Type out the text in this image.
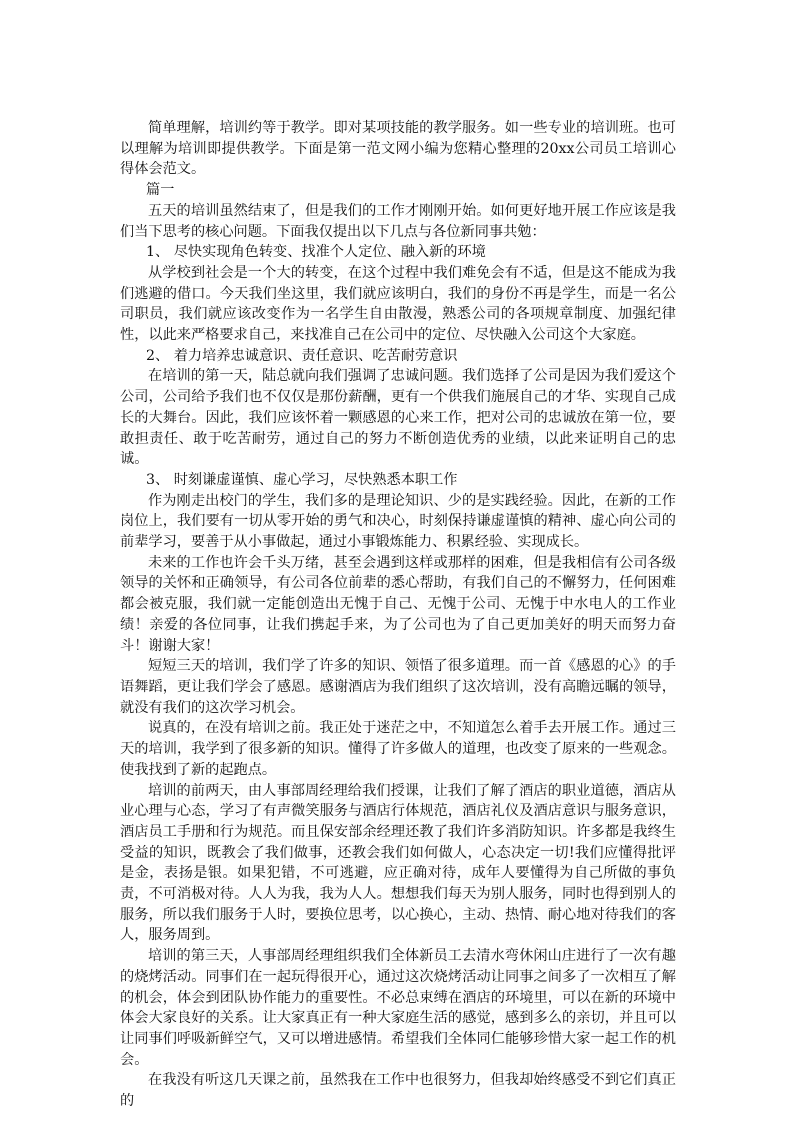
简单理解，培训约等于教学。即对某项技能的教学服务。如一些专业的培训班。也可以理解为培训即提供教学。下面是第一范文网小编为您精心整理的20xx公司员工培训心得体会范文。

篇一

五天的培训虽然结束了，但是我们的工作才刚刚开始。如何更好地开展工作应该是我们当下思考的核心问题。下面我仅提出以下几点与各位新同事共勉：

1、 尽快实现角色转变、找准个人定位、融入新的环境

从学校到社会是一个大的转变，在这个过程中我们难免会有不适，但是这不能成为我们逃避的借口。今天我们坐这里，我们就应该明白，我们的身份不再是学生，而是一名公司职员，我们就应该改变作为一名学生自由散漫，熟悉公司的各项规章制度、加强纪律性，以此来严格要求自己，来找准自己在公司中的定位、尽快融入公司这个大家庭。

2、 着力培养忠诚意识、责任意识、吃苦耐劳意识

在培训的第一天，陆总就向我们强调了忠诚问题。我们选择了公司是因为我们爱这个公司，公司给予我们也不仅仅是那份薪酬，更有一个供我们施展自己的才华、实现自己成长的大舞台。因此，我们应该怀着一颗感恩的心来工作，把对公司的忠诚放在第一位，要敢担责任、敢于吃苦耐劳，通过自己的努力不断创造优秀的业绩，以此来证明自己的忠诚。

3、 时刻谦虚谨慎、虚心学习，尽快熟悉本职工作

作为刚走出校门的学生，我们多的是理论知识、少的是实践经验。因此，在新的工作岗位上，我们要有一切从零开始的勇气和决心，时刻保持谦虚谨慎的精神、虚心向公司的前辈学习，要善于从小事做起，通过小事锻炼能力、积累经验、实现成长。

未来的工作也许会千头万绪，甚至会遇到这样或那样的困难，但是我相信有公司各级领导的关怀和正确领导，有公司各位前辈的悉心帮助，有我们自己的不懈努力，任何困难都会被克服，我们就一定能创造出无愧于自己、无愧于公司、无愧于中水电人的工作业绩！亲爱的各位同事，让我们携起手来，为了公司也为了自己更加美好的明天而努力奋斗！谢谢大家！

短短三天的培训，我们学了许多的知识、领悟了很多道理。而一首《感恩的心》的手语舞蹈，更让我们学会了感恩。感谢酒店为我们组织了这次培训，没有高瞻远瞩的领导，就没有我们的这次学习机会。

说真的，在没有培训之前。我正处于迷茫之中，不知道怎么着手去开展工作。通过三天的培训，我学到了很多新的知识。懂得了许多做人的道理，也改变了原来的一些观念。使我找到了新的起跑点。

培训的前两天，由人事部周经理给我们授课，让我们了解了酒店的职业道德，酒店从业心理与心态，学习了有声微笑服务与酒店行体规范，酒店礼仪及酒店意识与服务意识，酒店员工手册和行为规范。而且保安部余经理还教了我们许多消防知识。许多都是我终生受益的知识，既教会了我们做事，还教会我们如何做人，心态决定一切!我们应懂得批评是金，表扬是银。如果犯错，不可逃避，应正确对待，成年人要懂得为自己所做的事负责，不可消极对待。人人为我，我为人人。想想我们每天为别人服务，同时也得到别人的服务，所以我们服务于人时，要换位思考，以心换心，主动、热情、耐心地对待我们的客人，服务周到。

培训的第三天，人事部周经理组织我们全体新员工去清水弯休闲山庄进行了一次有趣的烧烤活动。同事们在一起玩得很开心，通过这次烧烤活动让同事之间多了一次相互了解的机会，体会到团队协作能力的重要性。不必总束缚在酒店的环境里，可以在新的环境中体会大家良好的关系。让大家真正有一种大家庭生活的感觉，感到多么的亲切，并且可以让同事们呼吸新鲜空气，又可以增进感情。希望我们全体同仁能够珍惜大家一起工作的机会。

在我没有听这几天课之前，虽然我在工作中也很努力，但我却始终感受不到它们真正的
